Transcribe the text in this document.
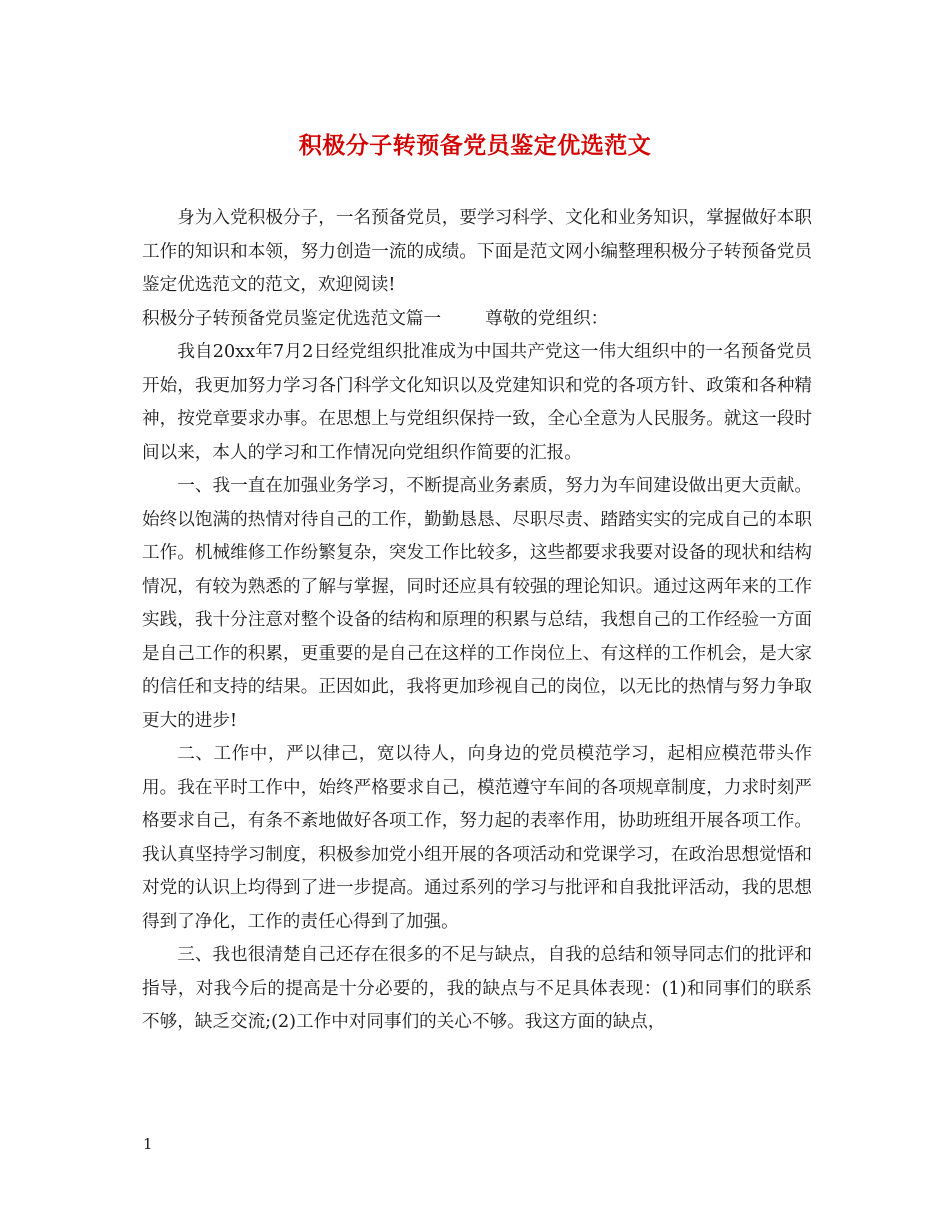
积极分子转预备党员鉴定优选范文

身为入党积极分子，一名预备党员，要学习科学、文化和业务知识，掌握做好本职工作的知识和本领，努力创造一流的成绩。下面是范文网小编整理积极分子转预备党员鉴定优选范文的范文，欢迎阅读!

积极分子转预备党员鉴定优选范文篇一	尊敬的党组织：

我自20xx年7月2日经党组织批准成为中国共产党这一伟大组织中的一名预备党员开始，我更加努力学习各门科学文化知识以及党建知识和党的各项方针、政策和各种精神，按党章要求办事。在思想上与党组织保持一致，全心全意为人民服务。就这一段时间以来，本人的学习和工作情况向党组织作简要的汇报。

一、我一直在加强业务学习，不断提高业务素质，努力为车间建设做出更大贡献。始终以饱满的热情对待自己的工作，勤勤恳恳、尽职尽责、踏踏实实的完成自己的本职工作。机械维修工作纷繁复杂，突发工作比较多，这些都要求我要对设备的现状和结构情况，有较为熟悉的了解与掌握，同时还应具有较强的理论知识。通过这两年来的工作实践，我十分注意对整个设备的结构和原理的积累与总结，我想自己的工作经验一方面是自己工作的积累，更重要的是自己在这样的工作岗位上、有这样的工作机会，是大家的信任和支持的结果。正因如此，我将更加珍视自己的岗位，以无比的热情与努力争取更大的进步!

二、工作中，严以律己，宽以待人，向身边的党员模范学习，起相应模范带头作用。我在平时工作中，始终严格要求自己，模范遵守车间的各项规章制度，力求时刻严格要求自己，有条不紊地做好各项工作，努力起的表率作用，协助班组开展各项工作。我认真坚持学习制度，积极参加党小组开展的各项活动和党课学习，在政治思想觉悟和对党的认识上均得到了进一步提高。通过系列的学习与批评和自我批评活动，我的思想得到了净化，工作的责任心得到了加强。

三、我也很清楚自己还存在很多的不足与缺点，自我的总结和领导同志们的批评和指导，对我今后的提高是十分必要的，我的缺点与不足具体表现：(1)和同事们的联系不够，缺乏交流;(2)工作中对同事们的关心不够。我这方面的缺点，

1
